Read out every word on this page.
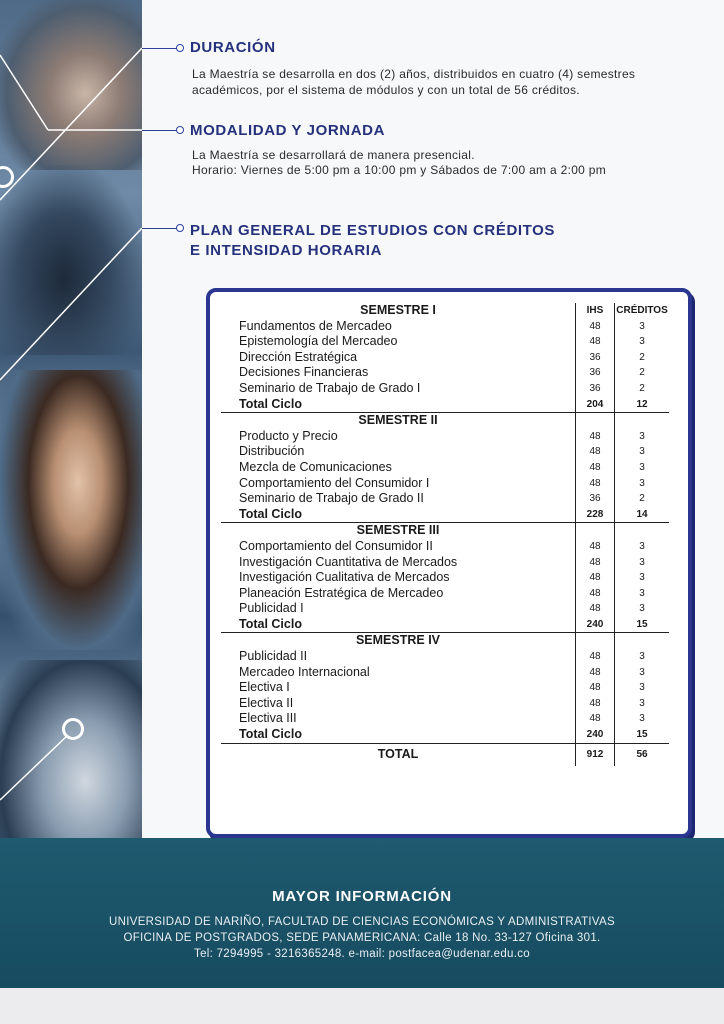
DURACIÓN
La Maestría se desarrolla en dos (2) años, distribuidos en cuatro (4) semestres
académicos, por el sistema de módulos y con un total de 56 créditos.
MODALIDAD Y JORNADA
La Maestría se desarrollará de manera presencial.
Horario: Viernes de 5:00 pm a 10:00 pm y Sábados de 7:00 am a 2:00 pm
PLAN GENERAL DE ESTUDIOS CON CRÉDITOS
E INTENSIDAD HORARIA
SEMESTRE I	IHS	CRÉDITOS
Fundamentos de Mercadeo	48	3
Epistemología del Mercadeo	48	3
Dirección Estratégica	36	2
Decisiones Financieras	36	2
Seminario de Trabajo de Grado I	36	2
Total Ciclo	204	12
SEMESTRE II		
Producto y Precio	48	3
Distribución	48	3
Mezcla de Comunicaciones	48	3
Comportamiento del Consumidor I	48	3
Seminario de Trabajo de Grado II	36	2
Total Ciclo	228	14
SEMESTRE III		
Comportamiento del Consumidor II	48	3
Investigación Cuantitativa de Mercados	48	3
Investigación Cualitativa de Mercados	48	3
Planeación Estratégica de Mercadeo	48	3
Publicidad I	48	3
Total Ciclo	240	15
SEMESTRE IV		
Publicidad II	48	3
Mercadeo Internacional	48	3
Electiva I	48	3
Electiva II	48	3
Electiva III	48	3
Total Ciclo	240	15
TOTAL	912	56
MAYOR INFORMACIÓN
UNIVERSIDAD DE NARIÑO, FACULTAD DE CIENCIAS ECONÓMICAS Y ADMINISTRATIVAS
OFICINA DE POSTGRADOS, SEDE PANAMERICANA: Calle 18 No. 33-127 Oficina 301.
Tel: 7294995 - 3216365248. e-mail: postfacea@udenar.edu.co
